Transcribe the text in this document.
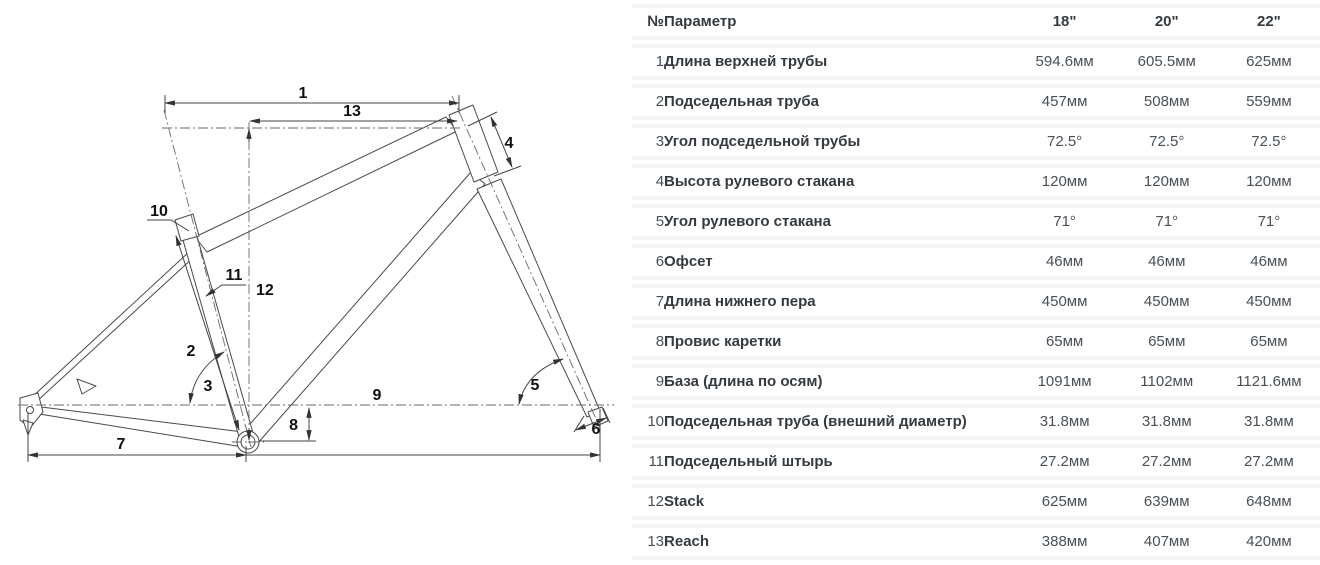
1
2
3
4
5
6
7
8
9
10
11
12
13
№	Параметр	18"	20"	22"
1	Длина верхней трубы	594.6мм	605.5мм	625мм
2	Подседельная труба	457мм	508мм	559мм
3	Угол подседельной трубы	72.5°	72.5°	72.5°
4	Высота рулевого стакана	120мм	120мм	120мм
5	Угол рулевого стакана	71°	71°	71°
6	Офсет	46мм	46мм	46мм
7	Длина нижнего пера	450мм	450мм	450мм
8	Провис каретки	65мм	65мм	65мм
9	База (длина по осям)	1091мм	1102мм	1121.6мм
10	Подседельная труба (внешний диаметр)	31.8мм	31.8мм	31.8мм
11	Подседельный штырь	27.2мм	27.2мм	27.2мм
12	Stack	625мм	639мм	648мм
13	Reach	388мм	407мм	420мм
